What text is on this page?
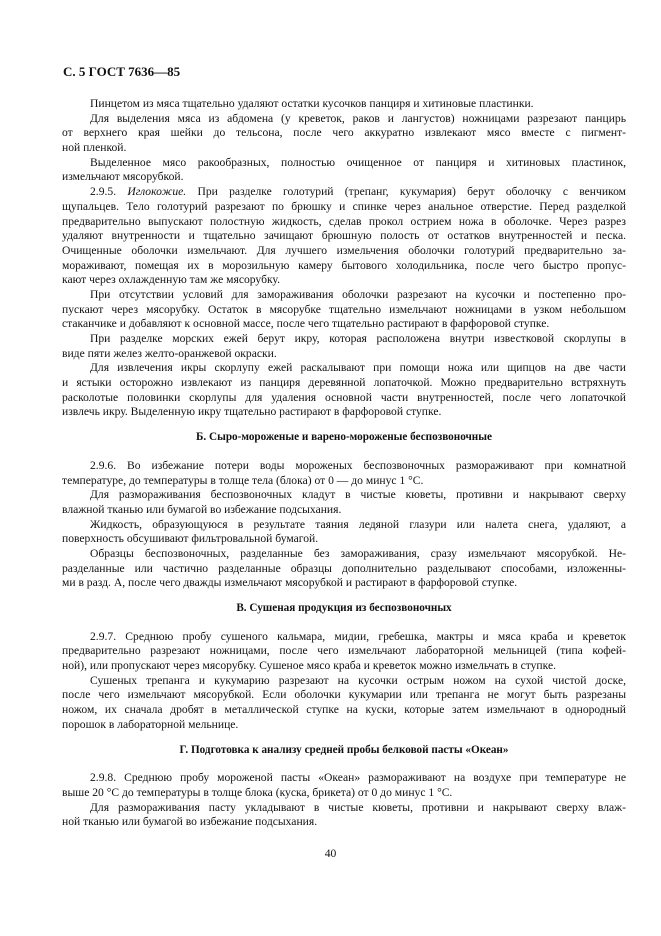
С. 5 ГОСТ 7636—85
Пинцетом из мяса тщательно удаляют остатки кусочков панциря и хитиновые пластинки.
Для выделения мяса из абдомена (у креветок, раков и лангустов) ножницами разрезают панцирь
от верхнего края шейки до тельсона, после чего аккуратно извлекают мясо вместе с пигмент-
ной пленкой.
Выделенное мясо ракообразных, полностью очищенное от панциря и хитиновых пластинок,
измельчают мясорубкой.
2.9.5. Иглокожие. При разделке голотурий (трепанг, кукумария) берут оболочку с венчиком
щупальцев. Тело голотурий разрезают по брюшку и спинке через анальное отверстие. Перед разделкой
предварительно выпускают полостную жидкость, сделав прокол острием ножа в оболочке. Через разрез
удаляют внутренности и тщательно зачищают брюшную полость от остатков внутренностей и песка.
Очищенные оболочки измельчают. Для лучшего измельчения оболочки голотурий предварительно за-
мораживают, помещая их в морозильную камеру бытового холодильника, после чего быстро пропус-
кают через охлажденную там же мясорубку.
При отсутствии условий для замораживания оболочки разрезают на кусочки и постепенно про-
пускают через мясорубку. Остаток в мясорубке тщательно измельчают ножницами в узком небольшом
стаканчике и добавляют к основной массе, после чего тщательно растирают в фарфоровой ступке.
При разделке морских ежей берут икру, которая расположена внутри известковой скорлупы в
виде пяти желез желто-оранжевой окраски.
Для извлечения икры скорлупу ежей раскалывают при помощи ножа или щипцов на две части
и ястыки осторожно извлекают из панциря деревянной лопаточкой. Можно предварительно встряхнуть
расколотые половинки скорлупы для удаления основной части внутренностей, после чего лопаточкой
извлечь икру. Выделенную икру тщательно растирают в фарфоровой ступке.
Б. Сыро-мороженые и варено-мороженые беспозвоночные
2.9.6. Во избежание потери воды мороженых беспозвоночных размораживают при комнатной
температуре, до температуры в толще тела (блока) от 0 — до минус 1 °С.
Для размораживания беспозвоночных кладут в чистые кюветы, противни и накрывают сверху
влажной тканью или бумагой во избежание подсыхания.
Жидкость, образующуюся в результате таяния ледяной глазури или налета снега, удаляют, а
поверхность обсушивают фильтровальной бумагой.
Образцы беспозвоночных, разделанные без замораживания, сразу измельчают мясорубкой. Не-
разделанные или частично разделанные образцы дополнительно разделывают способами, изложенны-
ми в разд. А, после чего дважды измельчают мясорубкой и растирают в фарфоровой ступке.
В. Сушеная продукция из беспозвоночных
2.9.7. Среднюю пробу сушеного кальмара, мидии, гребешка, мактры и мяса краба и креветок
предварительно разрезают ножницами, после чего измельчают лабораторной мельницей (типа кофей-
ной), или пропускают через мясорубку. Сушеное мясо краба и креветок можно измельчать в ступке.
Сушеных трепанга и кукумарию разрезают на кусочки острым ножом на сухой чистой доске,
после чего измельчают мясорубкой. Если оболочки кукумарии или трепанга не могут быть разрезаны
ножом, их сначала дробят в металлической ступке на куски, которые затем измельчают в однородный
порошок в лабораторной мельнице.
Г. Подготовка к анализу средней пробы белковой пасты «Океан»
2.9.8. Среднюю пробу мороженой пасты «Океан» размораживают на воздухе при температуре не
выше 20 °С до температуры в толще блока (куска, брикета) от 0 до минус 1 °С.
Для размораживания пасту укладывают в чистые кюветы, противни и накрывают сверху влаж-
ной тканью или бумагой во избежание подсыхания.
40
